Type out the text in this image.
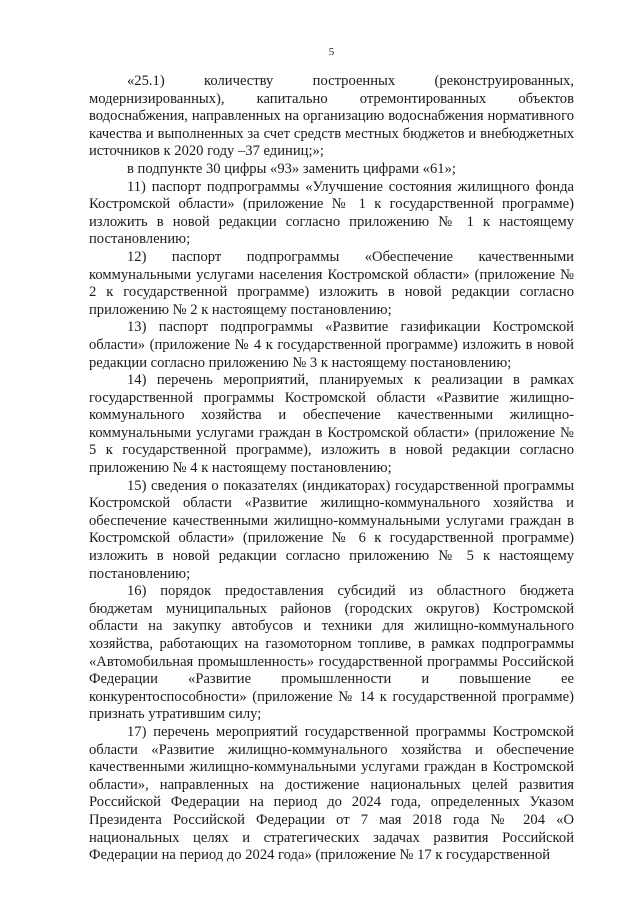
5

«25.1) количеству построенных (реконструированных, модернизированных), капитально отремонтированных объектов водоснабжения, направленных на организацию водоснабжения нормативного качества и выполненных за счет средств местных бюджетов и внебюджетных источников к 2020 году –37 единиц;»;

в подпункте 30 цифры «93» заменить цифрами «61»;

11) паспорт подпрограммы «Улучшение состояния жилищного фонда Костромской области» (приложение № 1 к государственной программе) изложить в новой редакции согласно приложению № 1 к настоящему постановлению;

12) паспорт подпрограммы «Обеспечение качественными коммунальными услугами населения Костромской области» (приложение № 2 к государственной программе) изложить в новой редакции согласно приложению № 2 к настоящему постановлению;

13) паспорт подпрограммы «Развитие газификации Костромской области» (приложение № 4 к государственной программе) изложить в новой редакции согласно приложению № 3 к настоящему постановлению;

14) перечень мероприятий, планируемых к реализации в рамках государственной программы Костромской области «Развитие жилищно-коммунального хозяйства и обеспечение качественными жилищно-коммунальными услугами граждан в Костромской области» (приложение № 5 к государственной программе), изложить в новой редакции согласно приложению № 4 к настоящему постановлению;

15) сведения о показателях (индикаторах) государственной программы Костромской области «Развитие жилищно-коммунального хозяйства и обеспечение качественными жилищно-коммунальными услугами граждан в Костромской области» (приложение № 6 к государственной программе) изложить в новой редакции согласно приложению № 5 к настоящему постановлению;

16) порядок предоставления субсидий из областного бюджета бюджетам муниципальных районов (городских округов) Костромской области на закупку автобусов и техники для жилищно-коммунального хозяйства, работающих на газомоторном топливе, в рамках подпрограммы «Автомобильная промышленность» государственной программы Российской Федерации «Развитие промышленности и повышение ее конкурентоспособности» (приложение № 14 к государственной программе) признать утратившим силу;

17) перечень мероприятий государственной программы Костромской области «Развитие жилищно-коммунального хозяйства и обеспечение качественными жилищно-коммунальными услугами граждан в Костромской области», направленных на достижение национальных целей развития Российской Федерации на период до 2024 года, определенных Указом Президента Российской Федерации от 7 мая 2018 года № 204 «О национальных целях и стратегических задачах развития Российской Федерации на период до 2024 года» (приложение № 17 к государственной
